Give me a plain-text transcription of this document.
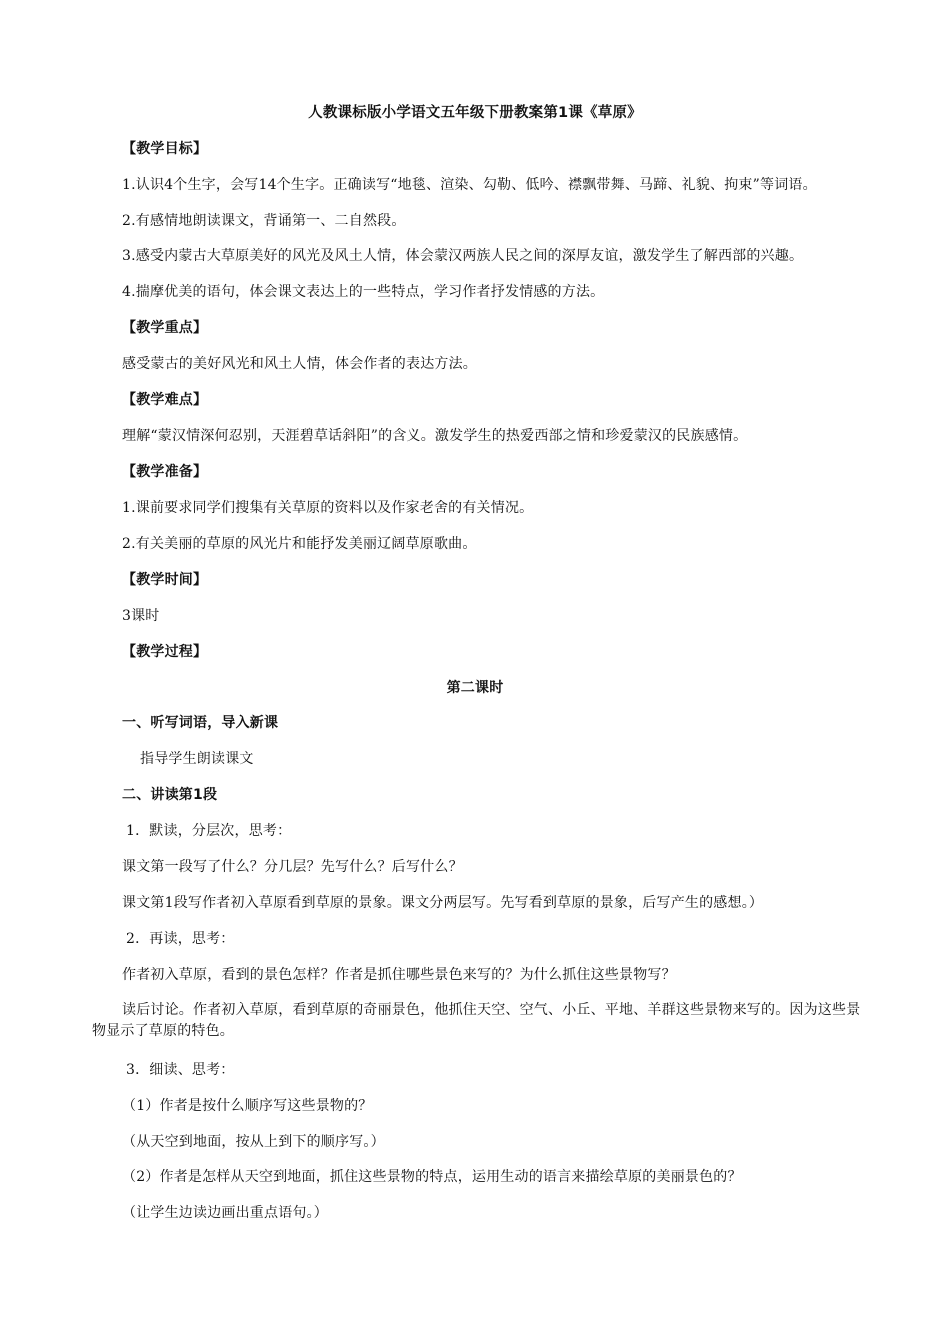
人教课标版小学语文五年级下册教案第1课《草原》
【教学目标】
1.认识4个生字，会写14个生字。正确读写“地毯、渲染、勾勒、低吟、襟飘带舞、马蹄、礼貌、拘束”等词语。
2.有感情地朗读课文，背诵第一、二自然段。
3.感受内蒙古大草原美好的风光及风土人情，体会蒙汉两族人民之间的深厚友谊，激发学生了解西部的兴趣。
4.揣摩优美的语句，体会课文表达上的一些特点，学习作者抒发情感的方法。
【教学重点】
感受蒙古的美好风光和风土人情，体会作者的表达方法。
【教学难点】
理解“蒙汉情深何忍别，天涯碧草话斜阳”的含义。激发学生的热爱西部之情和珍爱蒙汉的民族感情。
【教学准备】
1.课前要求同学们搜集有关草原的资料以及作家老舍的有关情况。
2.有关美丽的草原的风光片和能抒发美丽辽阔草原歌曲。
【教学时间】
3课时
【教学过程】
第二课时
一、听写词语，导入新课
指导学生朗读课文
二、讲读第1段
1．默读，分层次，思考：
课文第一段写了什么？分几层？先写什么？后写什么？
课文第1段写作者初入草原看到草原的景象。课文分两层写。先写看到草原的景象，后写产生的感想。）
2．再读，思考：
作者初入草原，看到的景色怎样？作者是抓住哪些景色来写的？为什么抓住这些景物写？
读后讨论。作者初入草原，看到草原的奇丽景色，他抓住天空、空气、小丘、平地、羊群这些景物来写的。因为这些景物显示了草原的特色。
3．细读、思考：
（1）作者是按什么顺序写这些景物的？
（从天空到地面，按从上到下的顺序写。）
（2）作者是怎样从天空到地面，抓住这些景物的特点，运用生动的语言来描绘草原的美丽景色的？
（让学生边读边画出重点语句。）
